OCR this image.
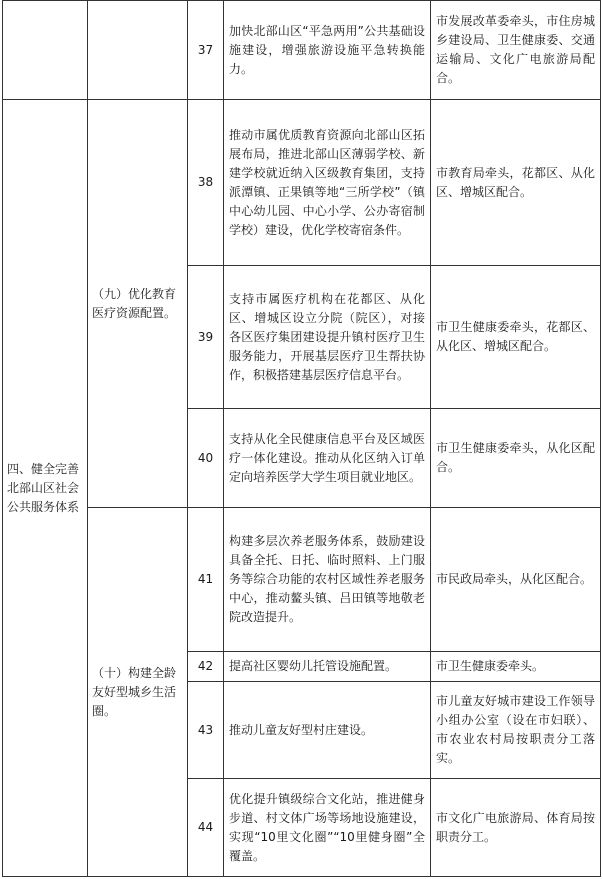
		37	加快北部山区“平急两用”公共基础设施建设，增强旅游设施平急转换能力。	市发展改革委牵头，市住房城乡建设局、卫生健康委、交通运输局、文化广电旅游局配合。
四、健全完善北部山区社会公共服务体系	（九）优化教育医疗资源配置。	38	推动市属优质教育资源向北部山区拓展布局，推进北部山区薄弱学校、新建学校就近纳入区级教育集团，支持派潭镇、正果镇等地“三所学校”（镇中心幼儿园、中心小学、公办寄宿制学校）建设，优化学校寄宿条件。	市教育局牵头，花都区、从化区、增城区配合。
		39	支持市属医疗机构在花都区、从化区、增城区设立分院（院区），对接各区医疗集团建设提升镇村医疗卫生服务能力，开展基层医疗卫生帮扶协作，积极搭建基层医疗信息平台。	市卫生健康委牵头，花都区、从化区、增城区配合。
		40	支持从化全民健康信息平台及区域医疗一体化建设。推动从化区纳入订单定向培养医学大学生项目就业地区。	市卫生健康委牵头，从化区配合。
	（十）构建全龄友好型城乡生活圈。	41	构建多层次养老服务体系，鼓励建设具备全托、日托、临时照料、上门服务等综合功能的农村区域性养老服务中心，推动鳌头镇、吕田镇等地敬老院改造提升。	市民政局牵头，从化区配合。
		42	提高社区婴幼儿托管设施配置。	市卫生健康委牵头。
		43	推动儿童友好型村庄建设。	市儿童友好城市建设工作领导小组办公室（设在市妇联）、市农业农村局按职责分工落实。
		44	优化提升镇级综合文化站，推进健身步道、村文体广场等场地设施建设，实现“10里文化圈”“10里健身圈”全覆盖。	市文化广电旅游局、体育局按职责分工。
